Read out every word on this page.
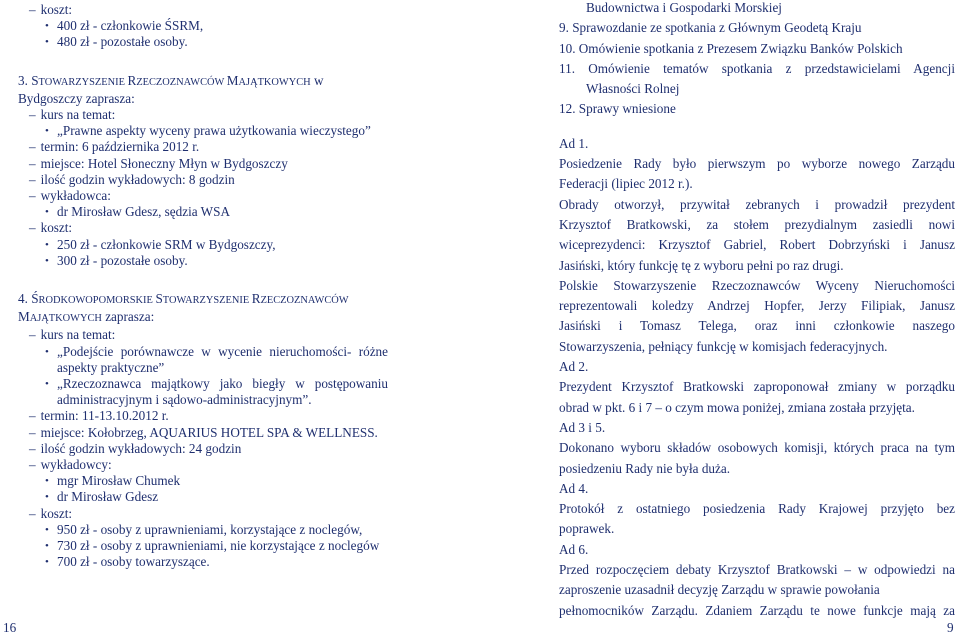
– koszt:
• 400 zł - członkowie ŚSRM,
• 480 zł - pozostałe osoby.
3. STOWARZYSZENIE RZECZOZNAWCÓW MAJĄTKOWYCH w
Bydgoszczy zaprasza:
– kurs na temat:
• „Prawne aspekty wyceny prawa użytkowania wieczystego”
– termin: 6 października 2012 r.
– miejsce: Hotel Słoneczny Młyn w Bydgoszczy
– ilość godzin wykładowych: 8 godzin
– wykładowca:
• dr Mirosław Gdesz, sędzia WSA
– koszt:
• 250 zł - członkowie SRM w Bydgoszczy,
• 300 zł - pozostałe osoby.
4. ŚRODKOWOPOMORSKIE STOWARZYSZENIE RZECZOZNAWCÓW
MAJĄTKOWYCH zaprasza:
– kurs na temat:
• „Podejście porównawcze w wycenie nieruchomości- różne
aspekty praktyczne”
• „Rzeczoznawca majątkowy jako biegły w postępowaniu
administracyjnym i sądowo-administracyjnym”.
– termin: 11-13.10.2012 r.
– miejsce: Kołobrzeg, AQUARIUS HOTEL SPA & WELLNESS.
– ilość godzin wykładowych: 24 godzin
– wykładowcy:
• mgr Mirosław Chumek
• dr Mirosław Gdesz
– koszt:
• 950 zł - osoby z uprawnieniami, korzystające z noclegów,
• 730 zł - osoby z uprawnieniami, nie korzystające z noclegów
• 700 zł - osoby towarzyszące.
Budownictwa i Gospodarki Morskiej
9. Sprawozdanie ze spotkania z Głównym Geodetą Kraju
10. Omówienie spotkania z Prezesem Związku Banków Polskich
11. Omówienie tematów spotkania z przedstawicielami Agencji
Własności Rolnej
12. Sprawy wniesione
Ad 1.
Posiedzenie Rady było pierwszym po wyborze nowego Zarządu
Federacji (lipiec 2012 r.).
Obrady otworzył, przywitał zebranych i prowadził prezydent
Krzysztof Bratkowski, za stołem prezydialnym zasiedli nowi
wiceprezydenci: Krzysztof Gabriel, Robert Dobrzyński i Janusz
Jasiński, który funkcję tę z wyboru pełni po raz drugi.
Polskie Stowarzyszenie Rzeczoznawców Wyceny Nieruchomości
reprezentowali koledzy Andrzej Hopfer, Jerzy Filipiak, Janusz
Jasiński i Tomasz Telega, oraz inni członkowie naszego
Stowarzyszenia, pełniący funkcję w komisjach federacyjnych.
Ad 2.
Prezydent Krzysztof Bratkowski zaproponował zmiany w porządku
obrad w pkt. 6 i 7 – o czym mowa poniżej, zmiana została przyjęta.
Ad 3 i 5.
Dokonano wyboru składów osobowych komisji, których praca na tym
posiedzeniu Rady nie była duża.
Ad 4.
Protokół z ostatniego posiedzenia Rady Krajowej przyjęto bez
poprawek.
Ad 6.
Przed rozpoczęciem debaty Krzysztof Bratkowski – w odpowiedzi na
zaproszenie uzasadnił decyzję Zarządu w sprawie powołania
pełnomocników Zarządu. Zdaniem Zarządu te nowe funkcje mają za
16	9
